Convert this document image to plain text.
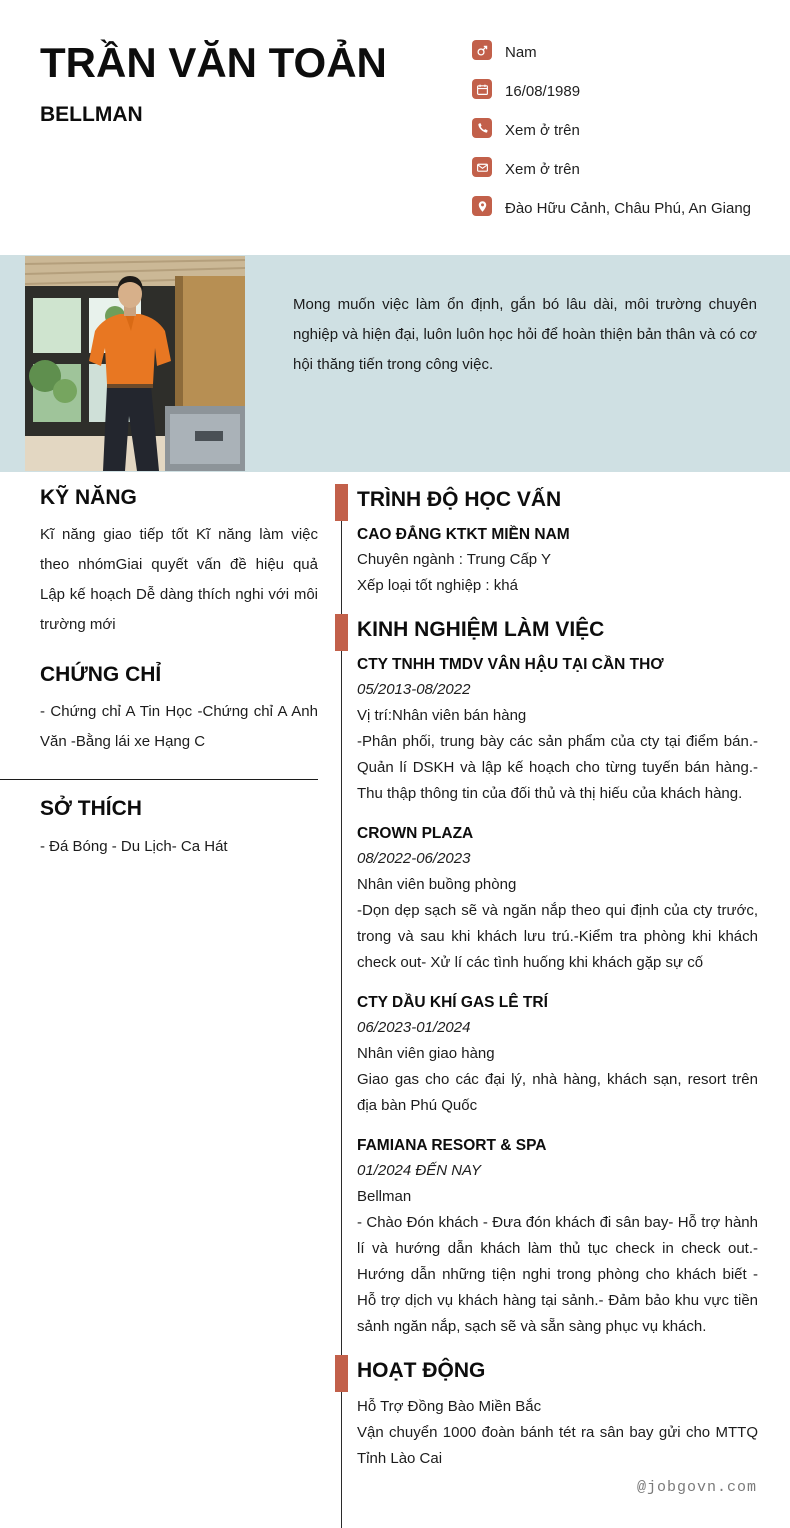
TRẦN VĂN TOẢN
BELLMAN
Nam
16/08/1989
Xem ở trên
Xem ở trên
Đào Hữu Cảnh, Châu Phú, An Giang
Mong muốn việc làm ổn định, gắn bó lâu dài, môi trường chuyên nghiệp và hiện đại, luôn luôn học hỏi để hoàn thiện bản thân và có cơ hội thăng tiến trong công việc.
KỸ NĂNG
Kĩ năng giao tiếp tốt Kĩ năng làm việc theo nhómGiai quyết vấn đề hiệu quả Lập kế hoạch Dễ dàng thích nghi với môi trường mới
CHỨNG CHỈ
- Chứng chỉ A Tin Học -Chứng chỉ A Anh Văn -Bằng lái xe Hạng C
SỞ THÍCH
- Đá Bóng - Du Lịch- Ca Hát
TRÌNH ĐỘ HỌC VẤN
CAO ĐẲNG KTKT MIỀN NAM
Chuyên ngành : Trung Cấp Y
Xếp loại tốt nghiệp : khá
KINH NGHIỆM LÀM VIỆC
CTY TNHH TMDV VÂN HẬU TẠI CẦN THƠ
05/2013-08/2022
Vị trí:Nhân viên bán hàng
-Phân phối, trung bày các sản phẩm của cty tại điểm bán.- Quản lí DSKH và lập kế hoạch cho từng tuyến bán hàng.- Thu thập thông tin của đối thủ và thị hiếu của khách hàng.
CROWN PLAZA
08/2022-06/2023
Nhân viên buồng phòng
-Dọn dẹp sạch sẽ và ngăn nắp theo qui định của cty trước, trong và sau khi khách lưu trú.-Kiểm tra phòng khi khách check out- Xử lí các tình huống khi khách gặp sự cố
CTY DẦU KHÍ GAS LÊ TRÍ
06/2023-01/2024
Nhân viên giao hàng
Giao gas cho các đại lý, nhà hàng, khách sạn, resort trên địa bàn Phú Quốc
FAMIANA RESORT & SPA
01/2024 ĐẾN NAY
Bellman
- Chào Đón khách - Đưa đón khách đi sân bay- Hỗ trợ hành lí và hướng dẫn khách làm thủ tục check in check out.- Hướng dẫn những tiện nghi trong phòng cho khách biết - Hỗ trợ dịch vụ khách hàng tại sảnh.- Đảm bảo khu vực tiền sảnh ngăn nắp, sạch sẽ và sẵn sàng phục vụ khách.
HOẠT ĐỘNG
Hỗ Trợ Đồng Bào Miền Bắc
Vận chuyển 1000 đoàn bánh tét ra sân bay gửi cho MTTQ Tỉnh Lào Cai
@jobgovn.com
